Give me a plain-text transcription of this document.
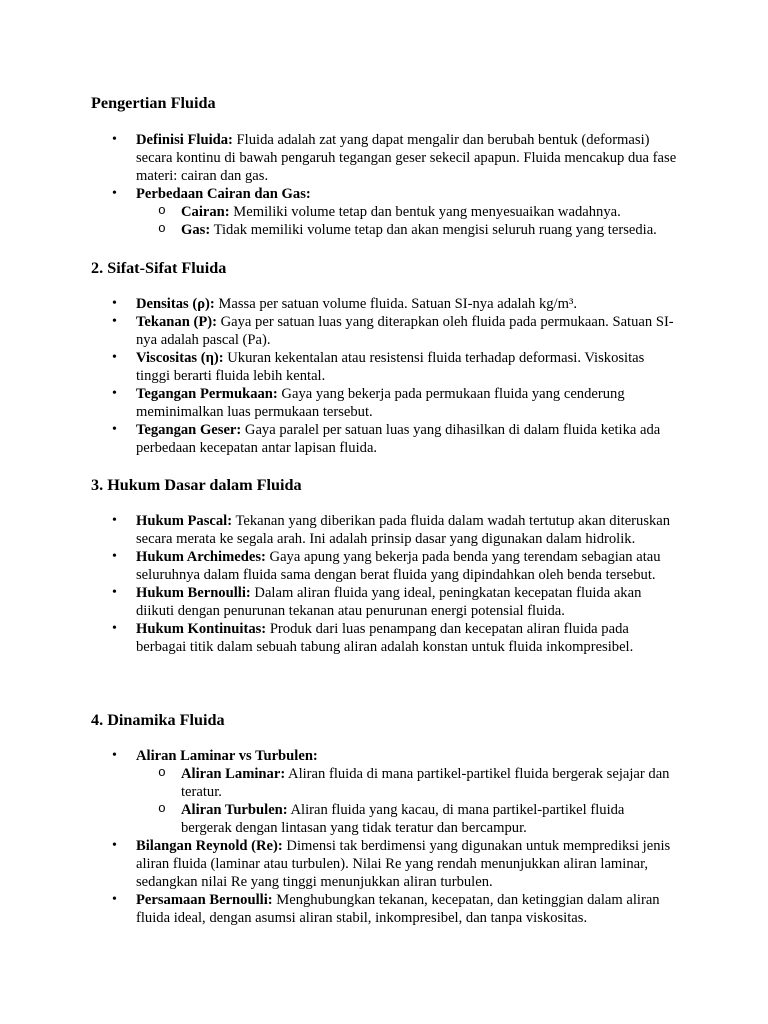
Pengertian Fluida
• Definisi Fluida: Fluida adalah zat yang dapat mengalir dan berubah bentuk (deformasi) secara kontinu di bawah pengaruh tegangan geser sekecil apapun. Fluida mencakup dua fase materi: cairan dan gas.
• Perbedaan Cairan dan Gas:
o Cairan: Memiliki volume tetap dan bentuk yang menyesuaikan wadahnya.
o Gas: Tidak memiliki volume tetap dan akan mengisi seluruh ruang yang tersedia.
2. Sifat-Sifat Fluida
• Densitas (ρ): Massa per satuan volume fluida. Satuan SI-nya adalah kg/m³.
• Tekanan (P): Gaya per satuan luas yang diterapkan oleh fluida pada permukaan. Satuan SI-nya adalah pascal (Pa).
• Viscositas (η): Ukuran kekentalan atau resistensi fluida terhadap deformasi. Viskositas tinggi berarti fluida lebih kental.
• Tegangan Permukaan: Gaya yang bekerja pada permukaan fluida yang cenderung meminimalkan luas permukaan tersebut.
• Tegangan Geser: Gaya paralel per satuan luas yang dihasilkan di dalam fluida ketika ada perbedaan kecepatan antar lapisan fluida.
3. Hukum Dasar dalam Fluida
• Hukum Pascal: Tekanan yang diberikan pada fluida dalam wadah tertutup akan diteruskan secara merata ke segala arah. Ini adalah prinsip dasar yang digunakan dalam hidrolik.
• Hukum Archimedes: Gaya apung yang bekerja pada benda yang terendam sebagian atau seluruhnya dalam fluida sama dengan berat fluida yang dipindahkan oleh benda tersebut.
• Hukum Bernoulli: Dalam aliran fluida yang ideal, peningkatan kecepatan fluida akan diikuti dengan penurunan tekanan atau penurunan energi potensial fluida.
• Hukum Kontinuitas: Produk dari luas penampang dan kecepatan aliran fluida pada berbagai titik dalam sebuah tabung aliran adalah konstan untuk fluida inkompresibel.
4. Dinamika Fluida
• Aliran Laminar vs Turbulen:
o Aliran Laminar: Aliran fluida di mana partikel-partikel fluida bergerak sejajar dan teratur.
o Aliran Turbulen: Aliran fluida yang kacau, di mana partikel-partikel fluida bergerak dengan lintasan yang tidak teratur dan bercampur.
• Bilangan Reynold (Re): Dimensi tak berdimensi yang digunakan untuk memprediksi jenis aliran fluida (laminar atau turbulen). Nilai Re yang rendah menunjukkan aliran laminar, sedangkan nilai Re yang tinggi menunjukkan aliran turbulen.
• Persamaan Bernoulli: Menghubungkan tekanan, kecepatan, dan ketinggian dalam aliran fluida ideal, dengan asumsi aliran stabil, inkompresibel, dan tanpa viskositas.
